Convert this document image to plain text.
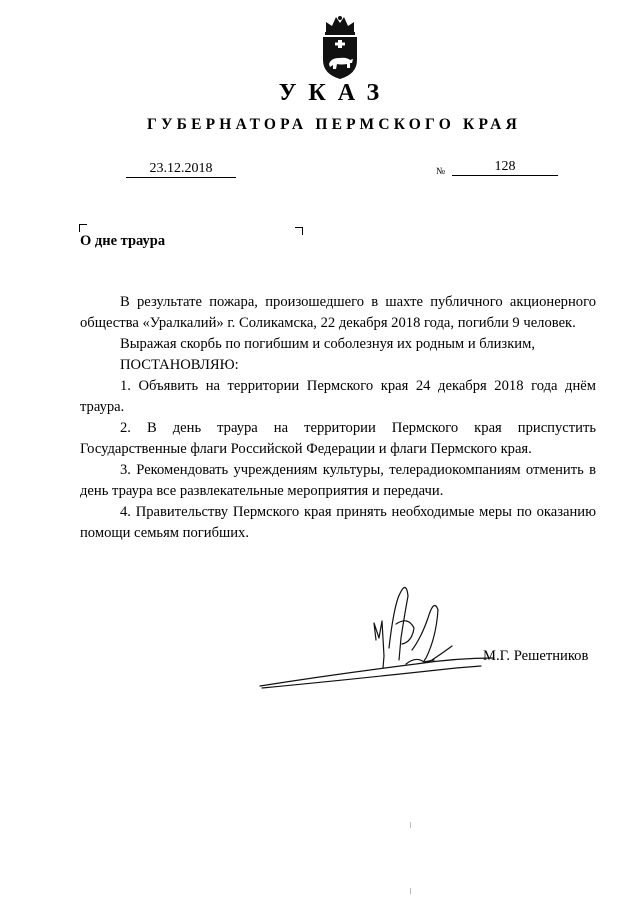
УКАЗ
ГУБЕРНАТОРА ПЕРМСКОГО КРАЯ
23.12.2018	№	128
О дне траура

В результате пожара, произошедшего в шахте публичного акционерного общества «Уралкалий» г. Соликамска, 22 декабря 2018 года, погибли 9 человек.

Выражая скорбь по погибшим и соболезнуя их родным и близким,

ПОСТАНОВЛЯЮ:

1. Объявить на территории Пермского края 24 декабря 2018 года днём траура.

2. В день траура на территории Пермского края приспустить Государственные флаги Российской Федерации и флаги Пермского края.

3. Рекомендовать учреждениям культуры, телерадиокомпаниям отменить в день траура все развлекательные мероприятия и передачи.

4. Правительству Пермского края принять необходимые меры по оказанию помощи семьям погибших.

М.Г. Решетников
